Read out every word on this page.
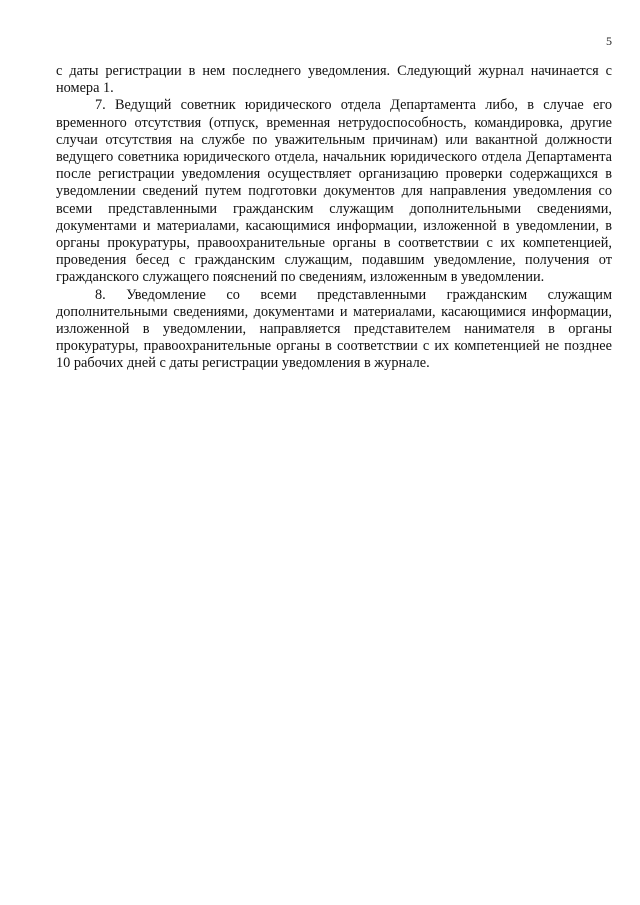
5

с даты регистрации в нем последнего уведомления. Следующий журнал начинается с номера 1.

7. Ведущий советник юридического отдела Департамента либо, в случае его временного отсутствия (отпуск, временная нетрудоспособность, командировка, другие случаи отсутствия на службе по уважительным причинам) или вакантной должности ведущего советника юридического отдела, начальник юридического отдела Департамента после регистрации уведомления осуществляет организацию проверки содержащихся в уведомлении сведений путем подготовки документов для направления уведомления со всеми представленными гражданским служащим дополнительными сведениями, документами и материалами, касающимися информации, изложенной в уведомлении, в органы прокуратуры, правоохранительные органы в соответствии с их компетенцией, проведения бесед с гражданским служащим, подавшим уведомление, получения от гражданского служащего пояснений по сведениям, изложенным в уведомлении.

8. Уведомление со всеми представленными гражданским служащим дополнительными сведениями, документами и материалами, касающимися информации, изложенной в уведомлении, направляется представителем нанимателя в органы прокуратуры, правоохранительные органы в соответствии с их компетенцией не позднее 10 рабочих дней с даты регистрации уведомления в журнале.
